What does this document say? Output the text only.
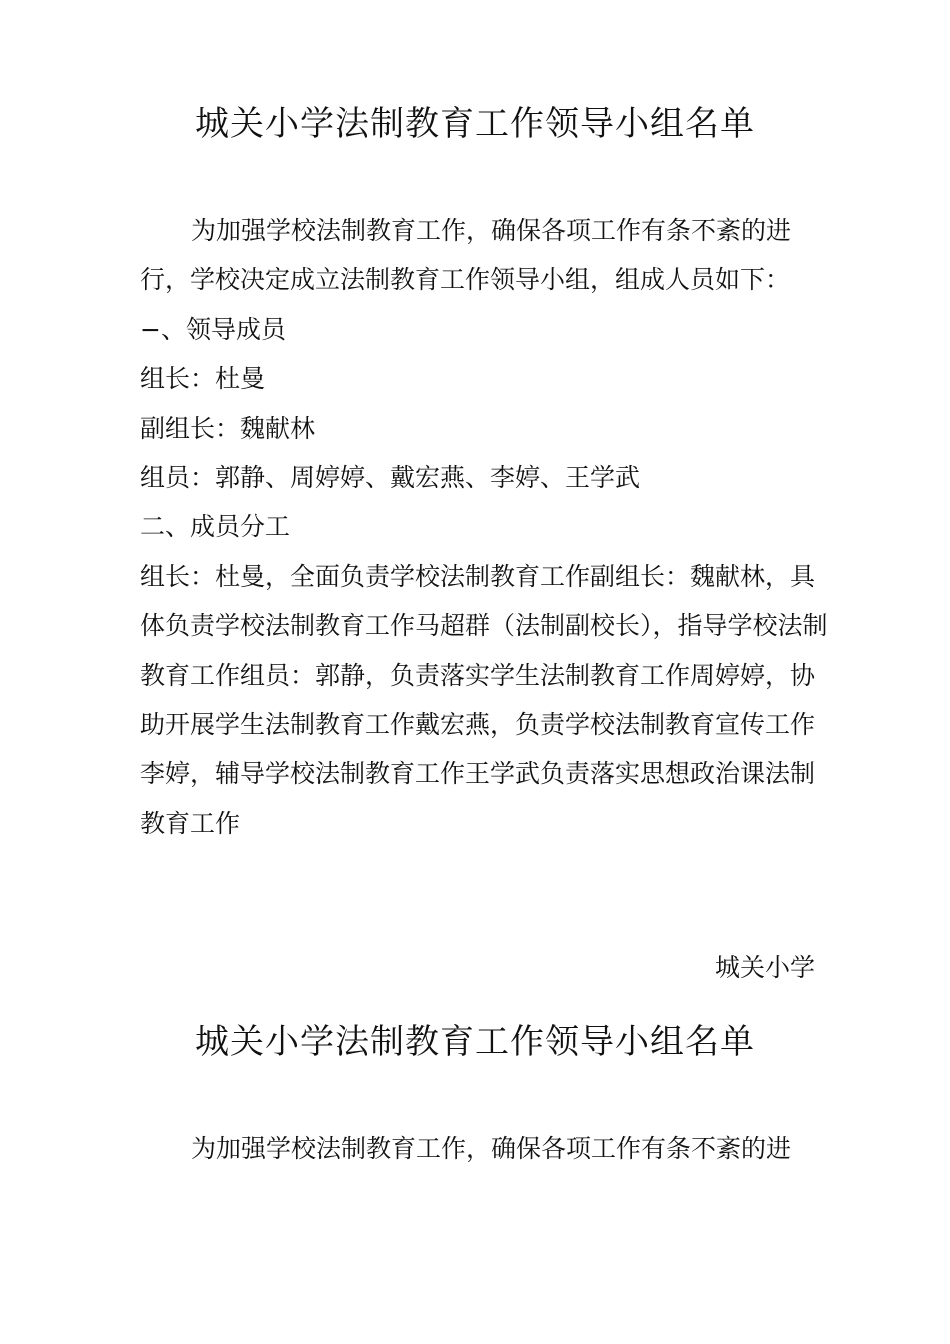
城关小学法制教育工作领导小组名单

为加强学校法制教育工作，确保各项工作有条不紊的进行，学校决定成立法制教育工作领导小组，组成人员如下：−、领导成员

组长：杜曼

副组长：魏献林

组员：郭静、周婷婷、戴宏燕、李婷、王学武

二、成员分工

组长：杜曼，全面负责学校法制教育工作副组长：魏献林，具体负责学校法制教育工作马超群（法制副校长），指导学校法制教育工作组员：郭静，负责落实学生法制教育工作周婷婷，协助开展学生法制教育工作戴宏燕，负责学校法制教育宣传工作李婷，辅导学校法制教育工作王学武负责落实思想政治课法制教育工作

城关小学
城关小学法制教育工作领导小组名单

为加强学校法制教育工作，确保各项工作有条不紊的进
